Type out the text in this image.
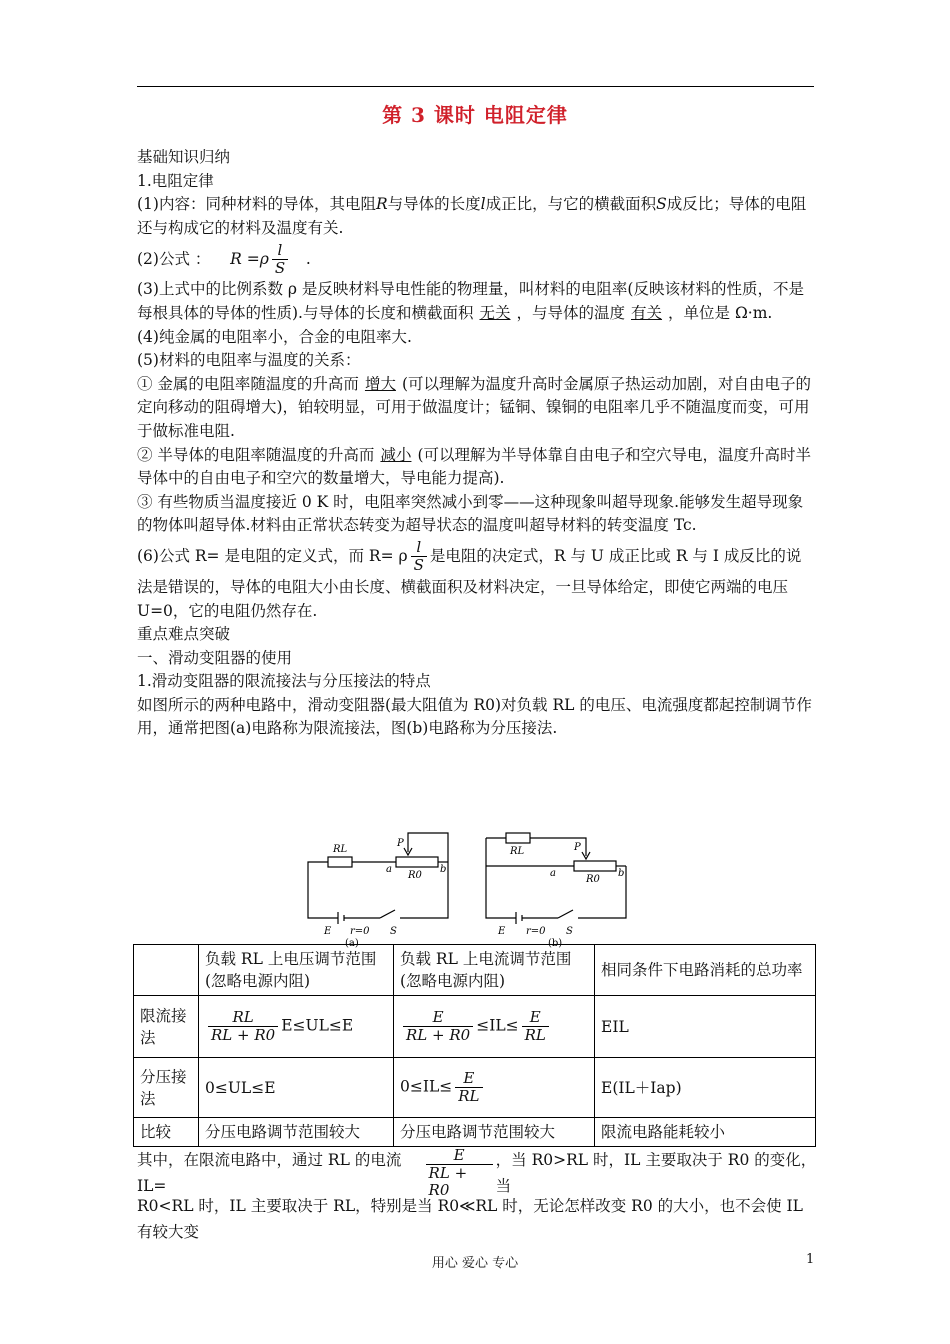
第 3 课时 电阻定律

基础知识归纳

1.电阻定律

(1)内容：同种材料的导体，其电阻R与导体的长度l成正比，与它的横截面积S成反比；导体的电阻还与构成它的材料及温度有关.

(2)公式 ：
$R =\rho \frac{l}{S}$
.

(3)上式中的比例系数 ρ 是反映材料导电性能的物理量，叫材料的电阻率(反映该材料的性质，不是每根具体的导体的性质).与导体的长度和横截面积 无关 ，与导体的温度 有关 ，单位是 Ω·m.

(4)纯金属的电阻率小，合金的电阻率大.

(5)材料的电阻率与温度的关系：

① 金属的电阻率随温度的升高而 增大 (可以理解为温度升高时金属原子热运动加剧，对自由电子的定向移动的阻碍增大)，铂较明显，可用于做温度计；锰铜、镍铜的电阻率几乎不随温度而变，可用于做标准电阻.

② 半导体的电阻率随温度的升高而 减小 (可以理解为半导体靠自由电子和空穴导电，温度升高时半导体中的自由电子和空穴的数量增大，导电能力提高).

③ 有些物质当温度接近 0 K 时，电阻率突然减小到零——这种现象叫超导现象.能够发生超导现象的物体叫超导体.材料由正常状态转变为超导状态的温度叫超导材料的转变温度 Tc.

(6)公式 R= 是电阻的定义式，而 R= ρ $\frac{l}{S}$ 是电阻的决定式，R 与 U 成正比或 R 与 I 成反比的说

法是错误的，导体的电阻大小由长度、横截面积及材料决定，一旦导体给定，即使它两端的电压

U=0，它的电阻仍然存在.

重点难点突破

一、滑动变阻器的使用

1.滑动变阻器的限流接法与分压接法的特点

如图所示的两种电路中，滑动变阻器(最大阻值为 R0)对负载 RL 的电压、电流强度都起控制调节作用，通常把图(a)电路称为限流接法，图(b)电路称为分压接法.

RL
P
a
R0
b
E r=0 S
(a)
RL	P
a
R0
b
E r=0 S
(b)
	负载 RL 上电压调节范围(忽略电源内阻)	负载 RL 上电流调节范围(忽略电源内阻)	相同条件下电路消耗的总功率
限流接法	$\frac{RL}{RL + R0} E\le UL\le E$	$\frac{E}{RL + R0} \le IL\le \frac{E}{RL}$	EIL
分压接法	0≤UL≤E	$0\le IL\le \frac{E}{RL}$	E(IL＋Iap)
比较	分压电路调节范围较大	分压电路调节范围较大	限流电路能耗较小

其中，在限流电路中，通过 RL 的电流 IL=	$\frac{E}{RL + R0}$ ，当 R0>RL 时，IL 主要取决于 R0 的变化，当

R0<RL 时，IL 主要取决于 RL，特别是当 R0≪RL 时，无论怎样改变 R0 的大小，也不会使 IL 有较大变

用心 爱心 专心	1
